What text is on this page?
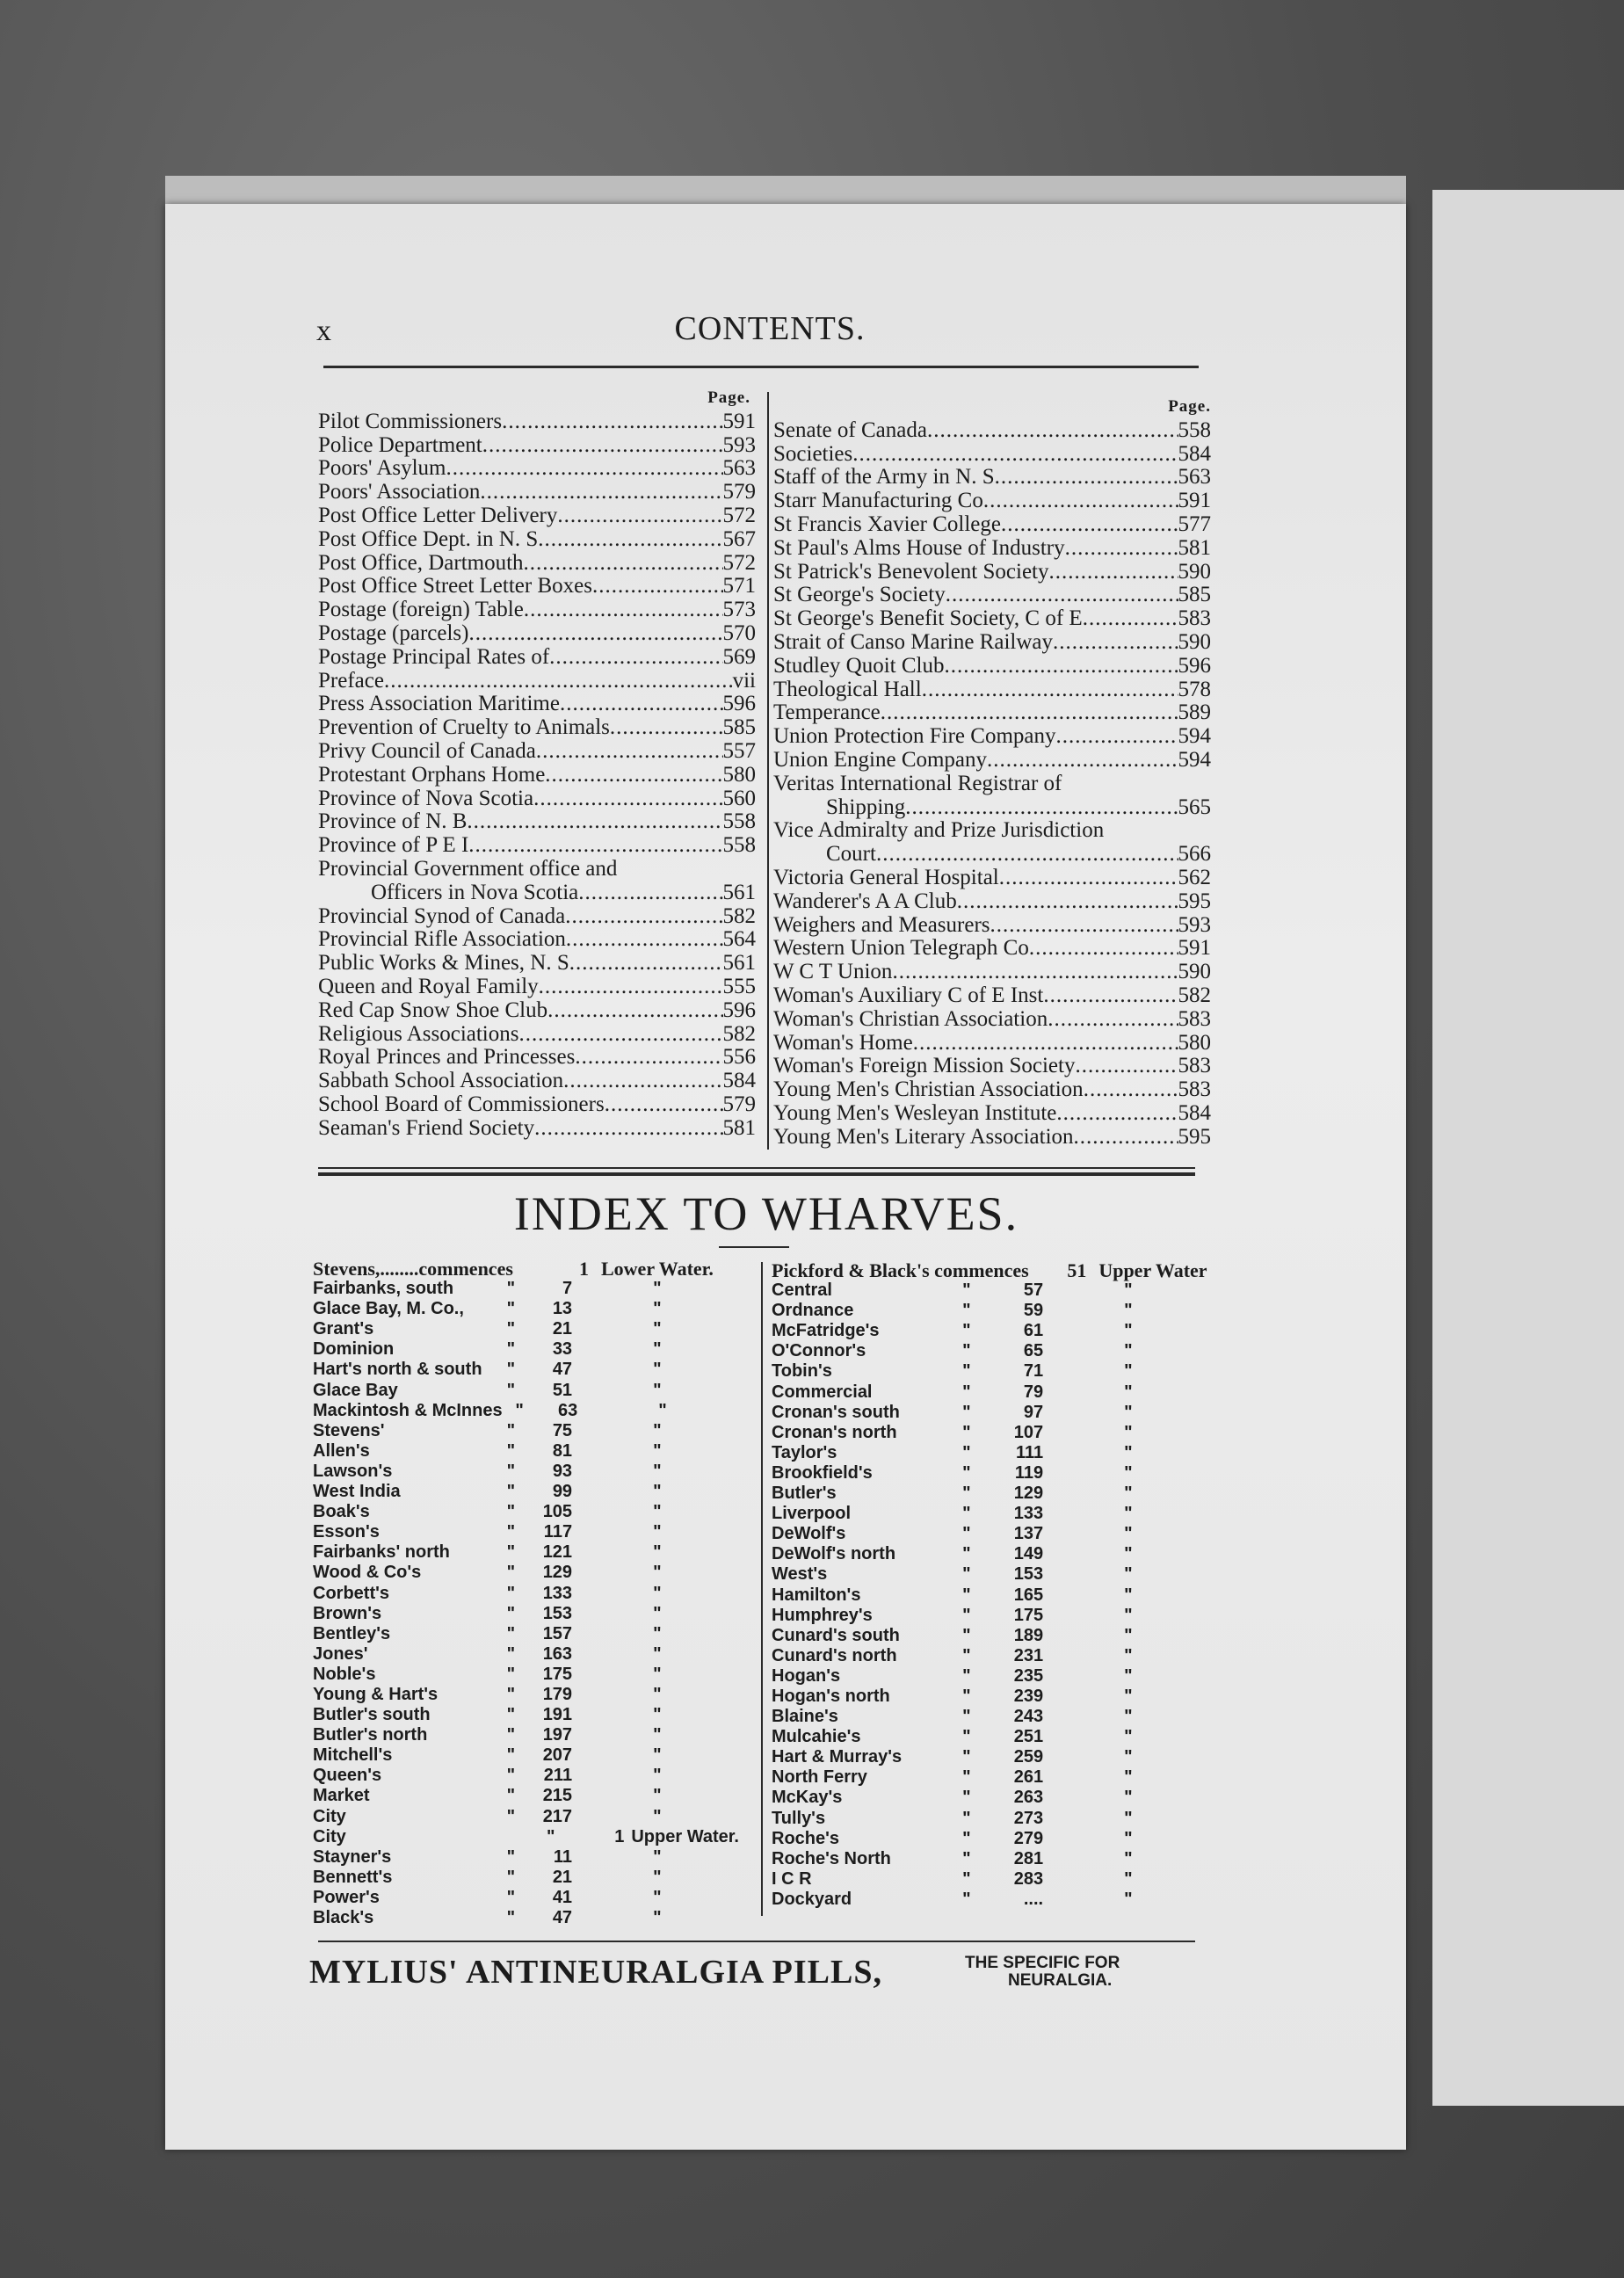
x	CONTENTS.
Page.
Pilot Commissioners .....	591
Police Department .....	593
Poors' Asylum .....	563
Poors' Association .....	579
Post Office Letter Delivery .....	572
Post Office Dept. in N. S .....	567
Post Office, Dartmouth .....	572
Post Office Street Letter Boxes .....	571
Postage (foreign) Table .....	573
Postage (parcels) .....	570
Postage Principal Rates of .....	569
Preface .....	vii
Press Association Maritime .....	596
Prevention of Cruelty to Animals .....	585
Privy Council of Canada .....	557
Protestant Orphans Home .....	580
Province of Nova Scotia .....	560
Province of N. B .....	558
Province of P E I .....	558
Provincial Government office and
Officers in Nova Scotia .....	561
Provincial Synod of Canada .....	582
Provincial Rifle Association .....	564
Public Works & Mines, N. S .....	561
Queen and Royal Family .....	555
Red Cap Snow Shoe Club .....	596
Religious Associations .....	582
Royal Princes and Princesses .....	556
Sabbath School Association .....	584
School Board of Commissioners .....	579
Seaman's Friend Society .....	581
Page.
Senate of Canada .....	558
Societies .....	584
Staff of the Army in N. S .....	563
Starr Manufacturing Co .....	591
St Francis Xavier College .....	577
St Paul's Alms House of Industry .....	581
St Patrick's Benevolent Society .....	590
St George's Society .....	585
St George's Benefit Society, C of E .....	583
Strait of Canso Marine Railway .....	590
Studley Quoit Club .....	596
Theological Hall .....	578
Temperance .....	589
Union Protection Fire Company .....	594
Union Engine Company .....	594
Veritas International Registrar of
Shipping .....	565
Vice Admiralty and Prize Jurisdiction
Court .....	566
Victoria General Hospital .....	562
Wanderer's A A Club .....	595
Weighers and Measurers .....	593
Western Union Telegraph Co .....	591
W C T Union .....	590
Woman's Auxiliary C of E Inst .....	582
Woman's Christian Association .....	583
Woman's Home .....	580
Woman's Foreign Mission Society .....	583
Young Men's Christian Association .....	583
Young Men's Wesleyan Institute .....	584
Young Men's Literary Association .....	595
INDEX TO WHARVES.
Stevens,........commences	1 Lower Water.
Fairbanks, south	"	7	"
Glace Bay, M. Co.,	"	13	"
Grant's	"	21	"
Dominion	"	33	"
Hart's north & south	"	47	"
Glace Bay	"	51	"
Mackintosh & McInnes "	63	"
Stevens'	"	75	"
Allen's	"	81	"
Lawson's	"	93	"
West India	"	99	"
Boak's	"	105	"
Esson's	"	117	"
Fairbanks' north	"	121	"
Wood & Co's	"	129	"
Corbett's	"	133	"
Brown's	"	153	"
Bentley's	"	157	"
Jones'	"	163	"
Noble's	"	175	"
Young & Hart's	"	179	"
Butler's south	"	191	"
Butler's north	"	197	"
Mitchell's	"	207	"
Queen's	"	211	"
Market	"	215	"
City	"	217	"
City	"	1 Upper Water.
Stayner's	"	11	"
Bennett's	"	21	"
Power's	"	41	"
Black's	"	47	"
Pickford & Black's commences	51 Upper Water
Central	"	57	"
Ordnance	"	59	"
McFatridge's	"	61	"
O'Connor's	"	65	"
Tobin's	"	71	"
Commercial	"	79	"
Cronan's south	"	97	"
Cronan's north	"	107	"
Taylor's	"	111	"
Brookfield's	"	119	"
Butler's	"	129	"
Liverpool	"	133	"
DeWolf's	"	137	"
DeWolf's north	"	149	"
West's	"	153	"
Hamilton's	"	165	"
Humphrey's	"	175	"
Cunard's south	"	189	"
Cunard's north	"	231	"
Hogan's	"	235	"
Hogan's north	"	239	"
Blaine's	"	243	"
Mulcahie's	"	251	"
Hart & Murray's	"	259	"
North Ferry	"	261	"
McKay's	"	263	"
Tully's	"	273	"
Roche's	"	279	"
Roche's North	"	281	"
I C R	"	283	"
Dockyard	"	....	"
MYLIUS' ANTINEURALGIA PILLS,	THE SPECIFIC FOR
NEURALGIA.
